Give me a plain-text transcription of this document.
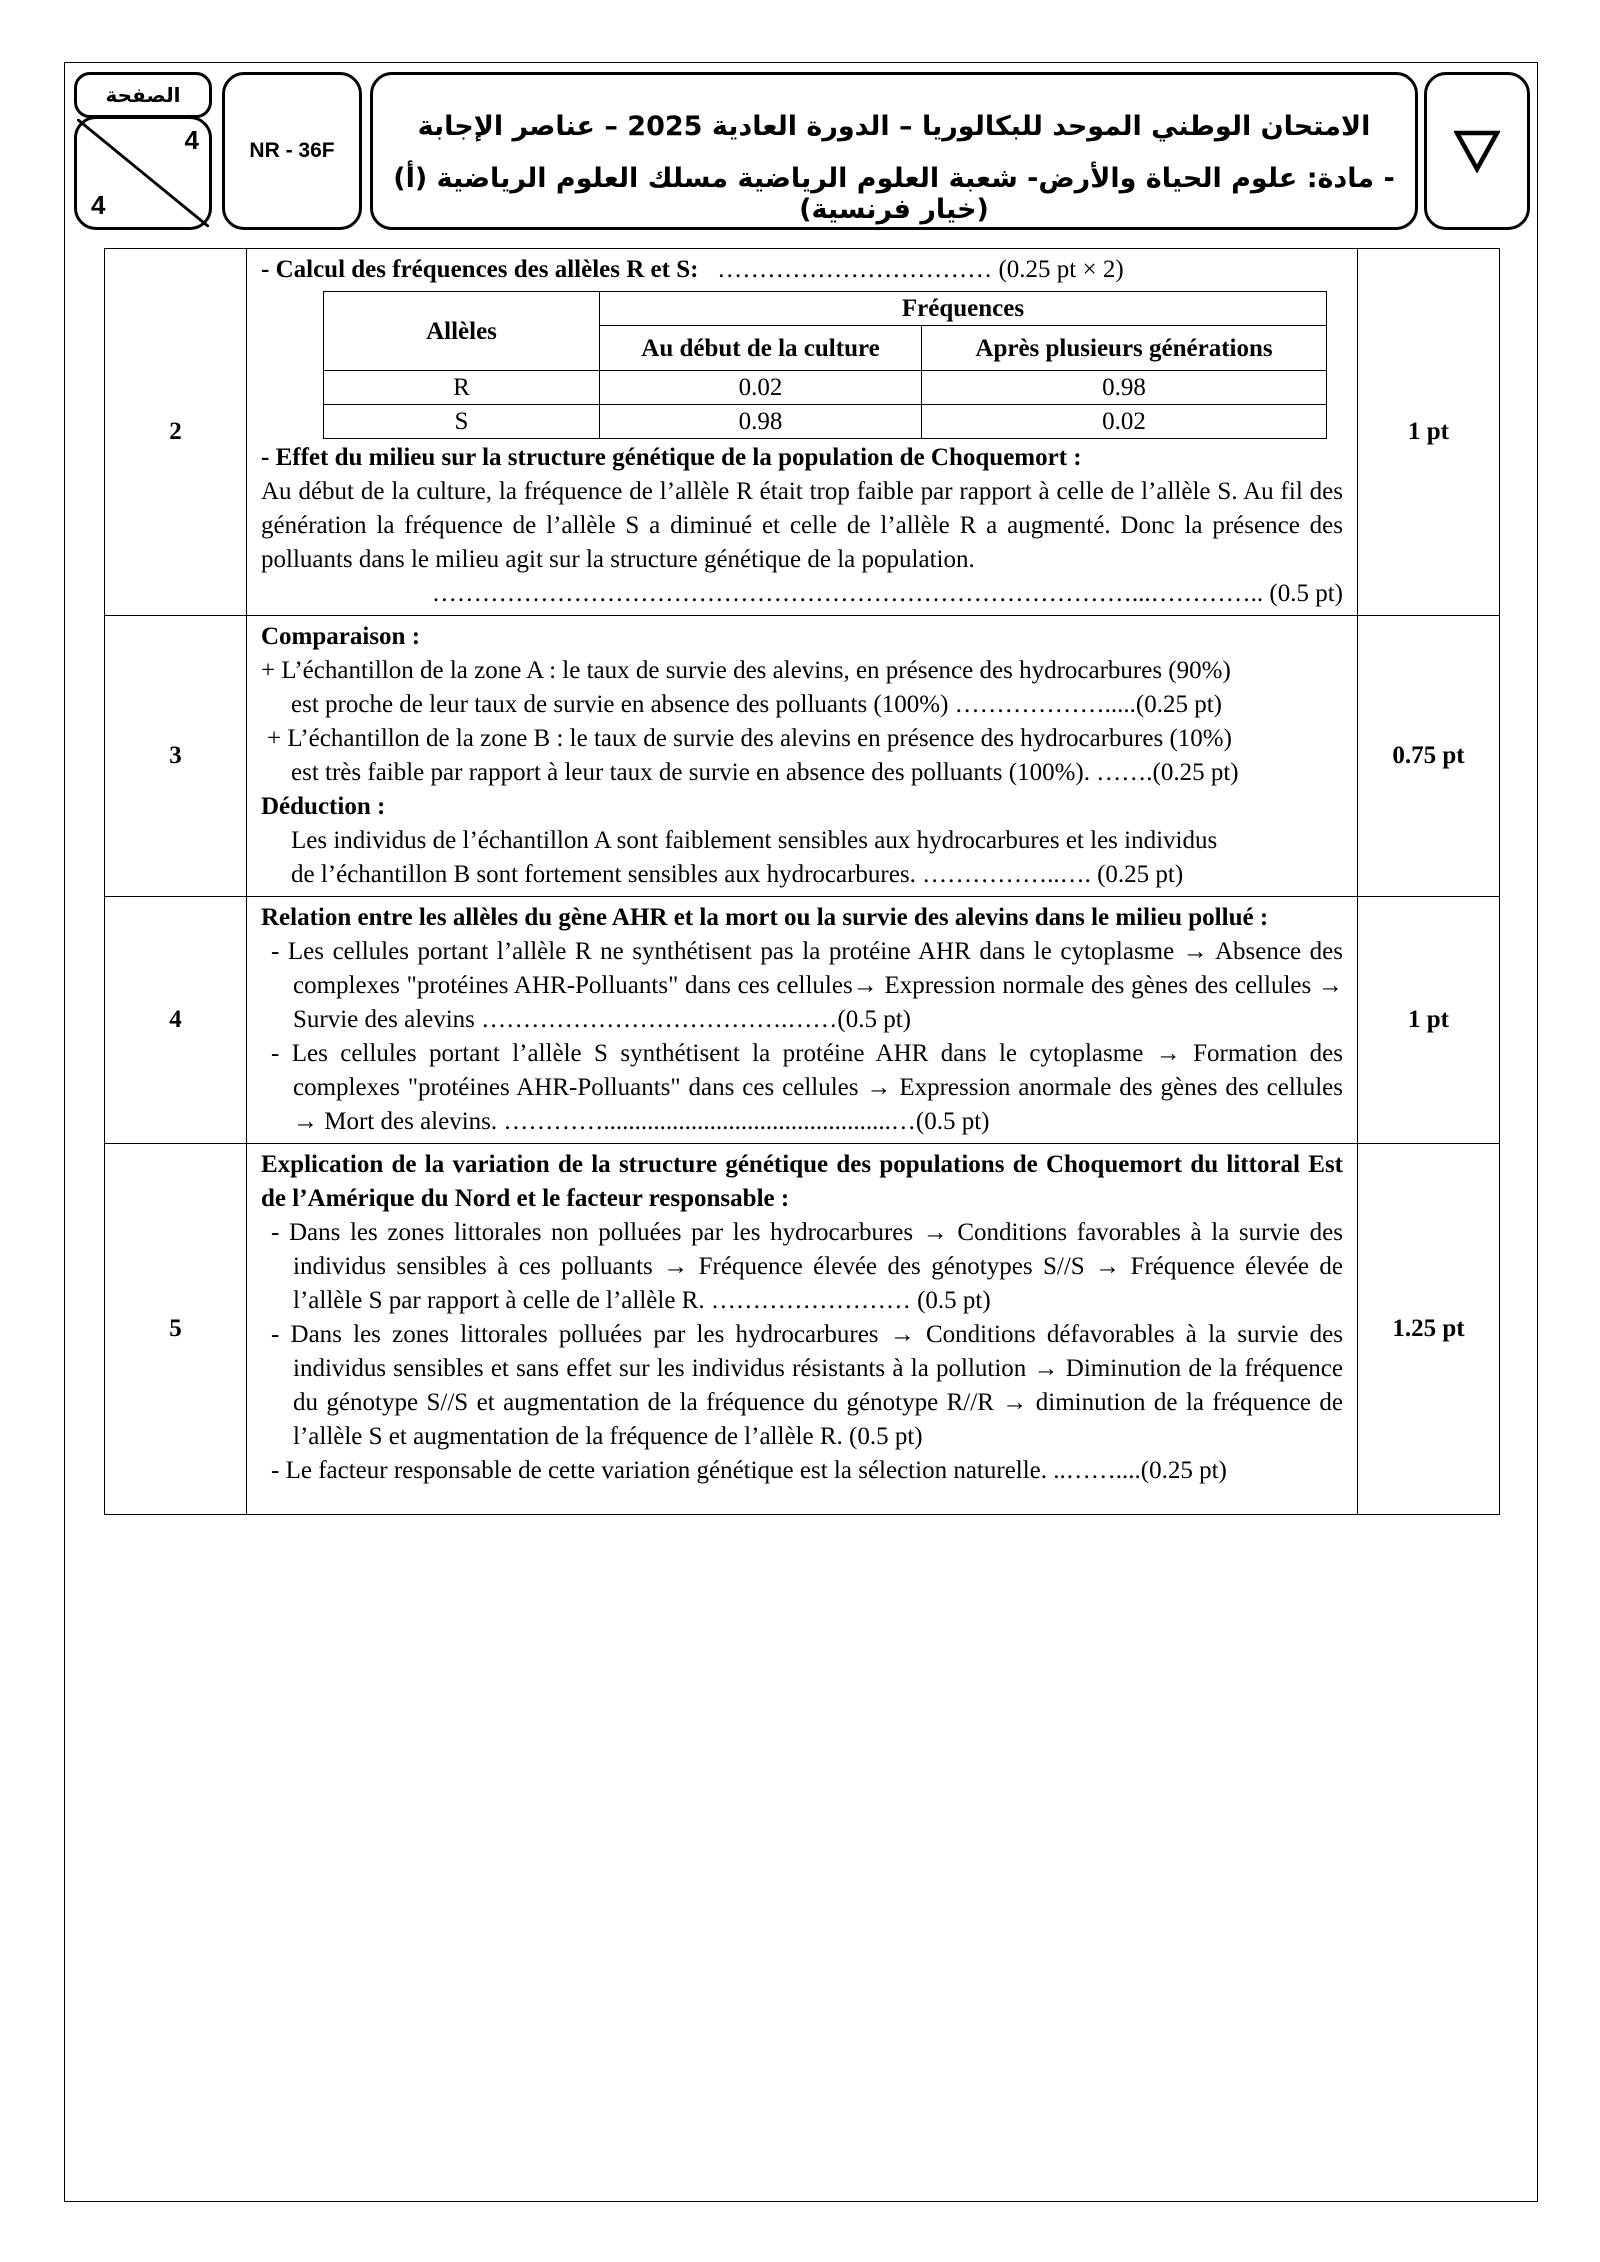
الصفحة
4
4
NR - 36F
الامتحان الوطني الموحد للبكالوريا – الدورة العادية 2025 – عناصر الإجابة
- مادة: علوم الحياة والأرض- شعبة العلوم الرياضية مسلك العلوم الرياضية (أ) (خيار فرنسية)
2	
- Calcul des fréquences des allèles R et S: …………………………… (0.25 pt × 2)
Allèles	Fréquences
Au début de la culture	Après plusieurs générations
R	0.02	0.98
S	0.98	0.02
- Effet du milieu sur la structure génétique de la population de Choquemort :
Au début de la culture, la fréquence de l’allèle R était trop faible par rapport à celle de l’allèle S. Au fil des génération la fréquence de l’allèle S a diminué et celle de l’allèle R a augmenté. Donc la présence des polluants dans le milieu agit sur la structure génétique de la population.
…………………………………………………………………………...………….. (0.5 pt)
	1 pt
3	
Comparaison :
+ L’échantillon de la zone A : le taux de survie des alevins, en présence des hydrocarbures (90%)
est proche de leur taux de survie en absence des polluants (100%) ……………….....(0.25 pt)
+ L’échantillon de la zone B : le taux de survie des alevins en présence des hydrocarbures (10%)
est très faible par rapport à leur taux de survie en absence des polluants (100%). …….(0.25 pt)
Déduction :
Les individus de l’échantillon A sont faiblement sensibles aux hydrocarbures et les individus
de l’échantillon B sont fortement sensibles aux hydrocarbures. ……………..…. (0.25 pt)
	0.75 pt
4	
Relation entre les allèles du gène AHR et la mort ou la survie des alevins dans le milieu pollué :
- Les cellules portant l’allèle R ne synthétisent pas la protéine AHR dans le cytoplasme → Absence des complexes "protéines AHR-Polluants" dans ces cellules→ Expression normale des gènes des cellules → Survie des alevins ……………………………….……(0.5 pt)
- Les cellules portant l’allèle S synthétisent la protéine AHR dans le cytoplasme → Formation des complexes "protéines AHR-Polluants" dans ces cellules → Expression anormale des gènes des cellules → Mort des alevins. …………..............................................…(0.5 pt)
	1 pt
5	
Explication de la variation de la structure génétique des populations de Choquemort du littoral Est de l’Amérique du Nord et le facteur responsable :
- Dans les zones littorales non polluées par les hydrocarbures → Conditions favorables à la survie des individus sensibles à ces polluants → Fréquence élevée des génotypes S//S → Fréquence élevée de l’allèle S par rapport à celle de l’allèle R. …………………… (0.5 pt)
- Dans les zones littorales polluées par les hydrocarbures → Conditions défavorables à la survie des individus sensibles et sans effet sur les individus résistants à la pollution → Diminution de la fréquence du génotype S//S et augmentation de la fréquence du génotype R//R → diminution de la fréquence de l’allèle S et augmentation de la fréquence de l’allèle R. (0.5 pt)
- Le facteur responsable de cette variation génétique est la sélection naturelle. ..……....(0.25 pt)
	1.25 pt
